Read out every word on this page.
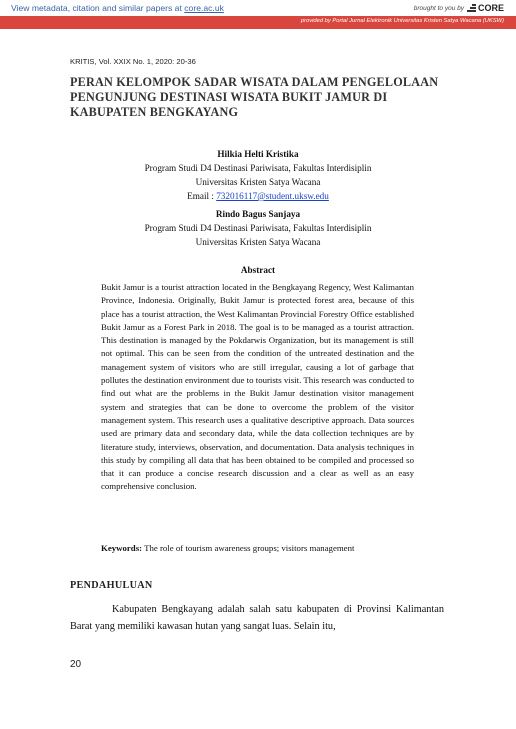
View metadata, citation and similar papers at core.ac.uk	brought to you by CORE
provided by Portal Jurnal Elektronik Universitas Kristen Satya Wacana (UKSW)
KRITIS, Vol. XXIX No. 1, 2020: 20-36
PERAN KELOMPOK SADAR WISATA DALAM PENGELOLAAN PENGUNJUNG DESTINASI WISATA BUKIT JAMUR DI KABUPATEN BENGKAYANG
Hilkia Helti Kristika
Program Studi D4 Destinasi Pariwisata, Fakultas Interdisiplin
Universitas Kristen Satya Wacana
Email : 732016117@student.uksw.edu
Rindo Bagus Sanjaya
Program Studi D4 Destinasi Pariwisata, Fakultas Interdisiplin
Universitas Kristen Satya Wacana
Abstract
Bukit Jamur is a tourist attraction located in the Bengkayang Regency, West Kalimantan Province, Indonesia. Originally, Bukit Jamur is protected forest area, because of this place has a tourist attraction, the West Kalimantan Provincial Forestry Office established Bukit Jamur as a Forest Park in 2018. The goal is to be managed as a tourist attraction. This destination is managed by the Pokdarwis Organization, but its management is still not optimal. This can be seen from the condition of the untreated destination and the management system of visitors who are still irregular, causing a lot of garbage that pollutes the destination environment due to tourists visit. This research was conducted to find out what are the problems in the Bukit Jamur destination visitor management system and strategies that can be done to overcome the problem of the visitor management system. This research uses a qualitative descriptive approach. Data sources used are primary data and secondary data, while the data collection techniques are by literature study, interviews, observation, and documentation. Data analysis techniques in this study by compiling all data that has been obtained to be compiled and processed so that it can produce a concise research discussion and a clear as well as an easy comprehensive conclusion.
Keywords: The role of tourism awareness groups; visitors management
PENDAHULUAN
Kabupaten Bengkayang adalah salah satu kabupaten di Provinsi Kalimantan Barat yang memiliki kawasan hutan yang sangat luas. Selain itu,
20
